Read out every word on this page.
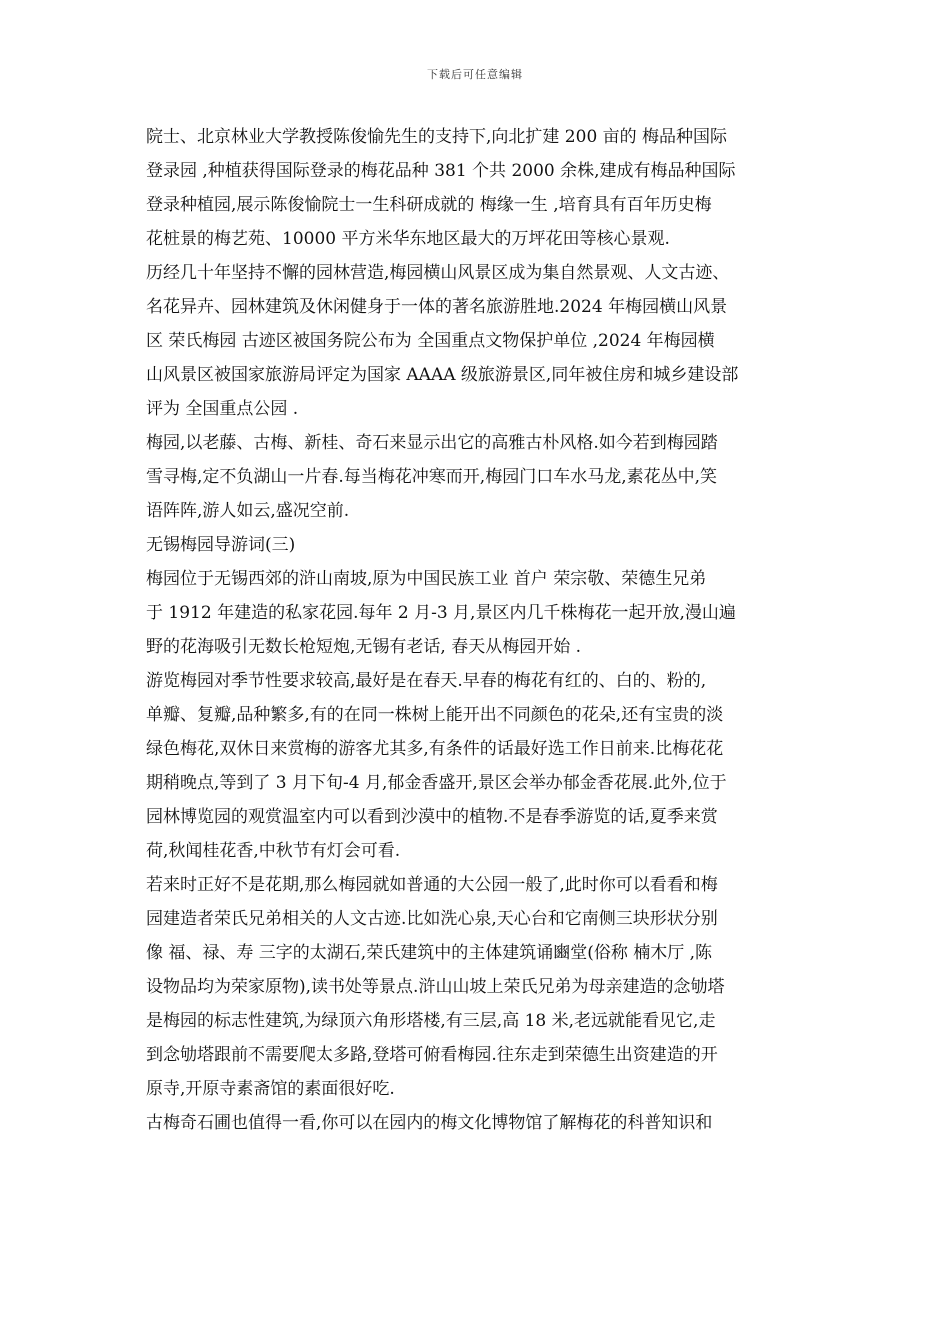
下载后可任意编辑
院士、北京林业大学教授陈俊愉先生的支持下,向北扩建 200 亩的 梅品种国际
登录园 ,种植获得国际登录的梅花品种 381 个共 2000 余株,建成有梅品种国际
登录种植园,展示陈俊愉院士一生科研成就的 梅缘一生 ,培育具有百年历史梅
花桩景的梅艺苑、10000 平方米华东地区最大的万坪花田等核心景观.
历经几十年坚持不懈的园林营造,梅园横山风景区成为集自然景观、人文古迹、
名花异卉、园林建筑及休闲健身于一体的著名旅游胜地.2024 年梅园横山风景
区 荣氏梅园 古迹区被国务院公布为 全国重点文物保护单位 ,2024 年梅园横
山风景区被国家旅游局评定为国家 AAAA 级旅游景区,同年被住房和城乡建设部
评为 全国重点公园 .
梅园,以老藤、古梅、新桂、奇石来显示出它的高雅古朴风格.如今若到梅园踏
雪寻梅,定不负湖山一片春.每当梅花冲寒而开,梅园门口车水马龙,素花丛中,笑
语阵阵,游人如云,盛况空前.
无锡梅园导游词(三)
梅园位于无锡西郊的浒山南坡,原为中国民族工业 首户 荣宗敬、荣德生兄弟
于 1912 年建造的私家花园.每年 2 月-3 月,景区内几千株梅花一起开放,漫山遍
野的花海吸引无数长枪短炮,无锡有老话, 春天从梅园开始 .
游览梅园对季节性要求较高,最好是在春天.早春的梅花有红的、白的、粉的,
单瓣、复瓣,品种繁多,有的在同一株树上能开出不同颜色的花朵,还有宝贵的淡
绿色梅花,双休日来赏梅的游客尤其多,有条件的话最好选工作日前来.比梅花花
期稍晚点,等到了 3 月下旬-4 月,郁金香盛开,景区会举办郁金香花展.此外,位于
园林博览园的观赏温室内可以看到沙漠中的植物.不是春季游览的话,夏季来赏
荷,秋闻桂花香,中秋节有灯会可看.
若来时正好不是花期,那么梅园就如普通的大公园一般了,此时你可以看看和梅
园建造者荣氏兄弟相关的人文古迹.比如洗心泉,天心台和它南侧三块形状分别
像 福、禄、寿 三字的太湖石,荣氏建筑中的主体建筑诵豳堂(俗称 楠木厅 ,陈
设物品均为荣家原物),读书处等景点.浒山山坡上荣氏兄弟为母亲建造的念劬塔
是梅园的标志性建筑,为绿顶六角形塔楼,有三层,高 18 米,老远就能看见它,走
到念劬塔跟前不需要爬太多路,登塔可俯看梅园.往东走到荣德生出资建造的开
原寺,开原寺素斋馆的素面很好吃.
古梅奇石圃也值得一看,你可以在园内的梅文化博物馆了解梅花的科普知识和
